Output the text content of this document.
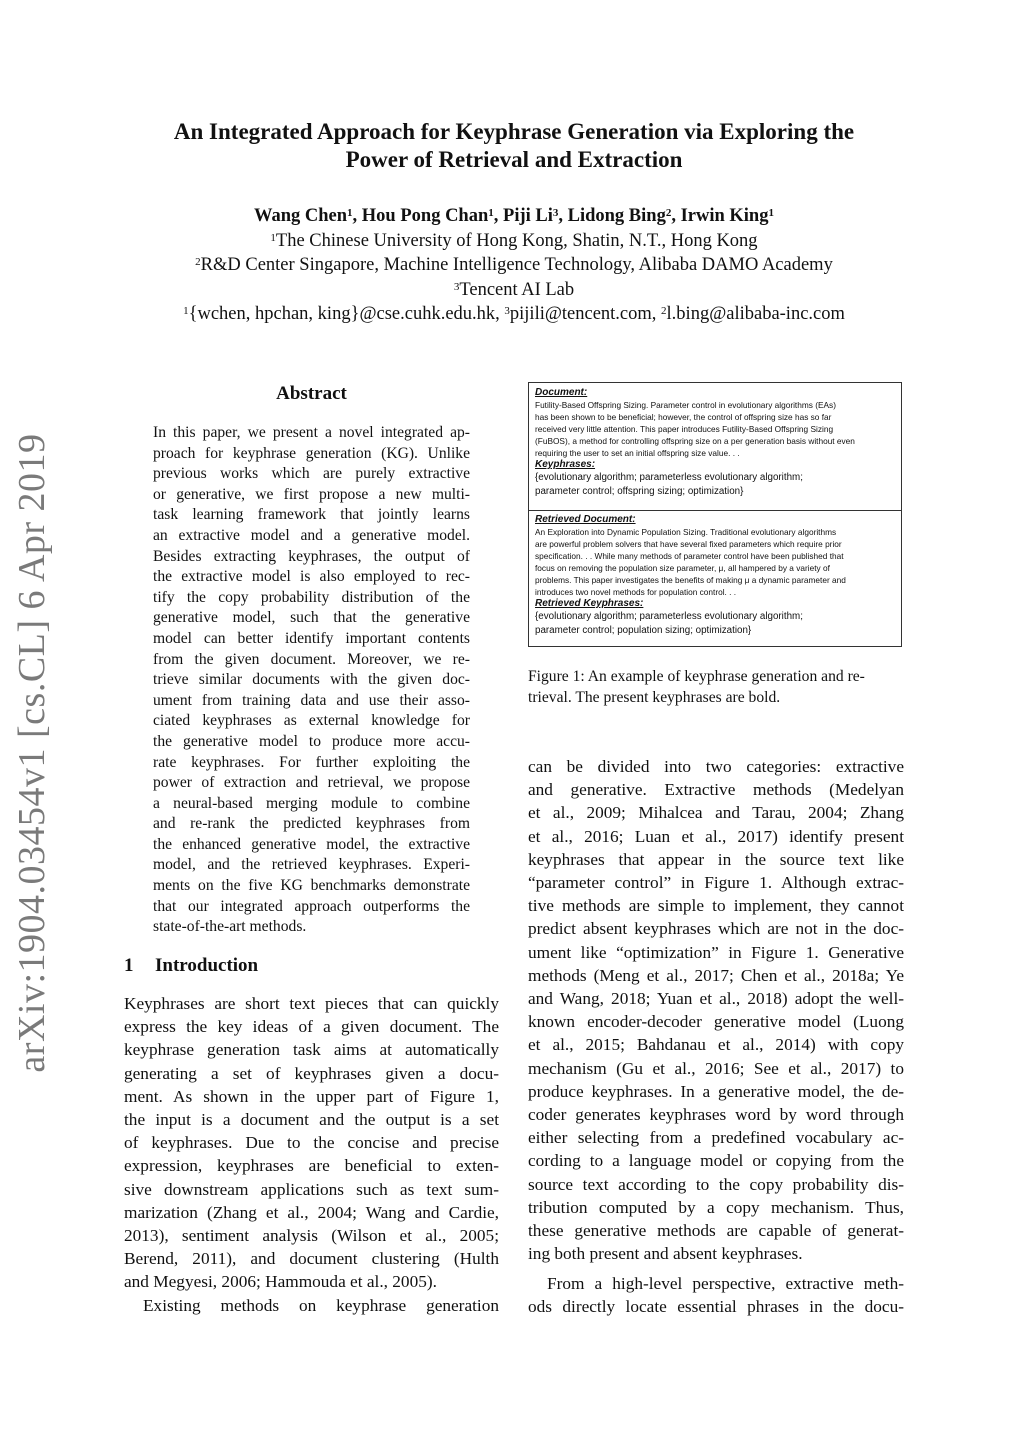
An Integrated Approach for Keyphrase Generation via Exploring the
Power of Retrieval and Extraction
Wang Chen$^1$, Hou Pong Chan$^1$, Piji Li$^3$, Lidong Bing$^2$, Irwin King$^1$
$^1$The Chinese University of Hong Kong, Shatin, N.T., Hong Kong
$^2$R&D Center Singapore, Machine Intelligence Technology, Alibaba DAMO Academy
$^3$Tencent AI Lab
$^1${wchen, hpchan, king}@cse.cuhk.edu.hk, $^3$pijili@tencent.com, $^2$l.bing@alibaba-inc.com
arXiv:1904.03454v1 [cs.CL] 6 Apr 2019
Abstract
In this paper, we present a novel integrated ap-
proach for keyphrase generation (KG). Unlike
previous works which are purely extractive
or generative, we first propose a new multi-
task learning framework that jointly learns
an extractive model and a generative model.
Besides extracting keyphrases, the output of
the extractive model is also employed to rec-
tify the copy probability distribution of the
generative model, such that the generative
model can better identify important contents
from the given document. Moreover, we re-
trieve similar documents with the given doc-
ument from training data and use their asso-
ciated keyphrases as external knowledge for
the generative model to produce more accu-
rate keyphrases. For further exploiting the
power of extraction and retrieval, we propose
a neural-based merging module to combine
and re-rank the predicted keyphrases from
the enhanced generative model, the extractive
model, and the retrieved keyphrases. Experi-
ments on the five KG benchmarks demonstrate
that our integrated approach outperforms the
state-of-the-art methods.
1 Introduction
Keyphrases are short text pieces that can quickly
express the key ideas of a given document. The
keyphrase generation task aims at automatically
generating a set of keyphrases given a docu-
ment. As shown in the upper part of Figure 1,
the input is a document and the output is a set
of keyphrases. Due to the concise and precise
expression, keyphrases are beneficial to exten-
sive downstream applications such as text sum-
marization (Zhang et al., 2004; Wang and Cardie,
2013), sentiment analysis (Wilson et al., 2005;
Berend, 2011), and document clustering (Hulth
and Megyesi, 2006; Hammouda et al., 2005).
Existing methods on keyphrase generation
can be divided into two categories: extractive
and generative. Extractive methods (Medelyan
et al., 2009; Mihalcea and Tarau, 2004; Zhang
et al., 2016; Luan et al., 2017) identify present
keyphrases that appear in the source text like
“parameter control” in Figure 1. Although extrac-
tive methods are simple to implement, they cannot
predict absent keyphrases which are not in the doc-
ument like “optimization” in Figure 1. Generative
methods (Meng et al., 2017; Chen et al., 2018a; Ye
and Wang, 2018; Yuan et al., 2018) adopt the well-
known encoder-decoder generative model (Luong
et al., 2015; Bahdanau et al., 2014) with copy
mechanism (Gu et al., 2016; See et al., 2017) to
produce keyphrases. In a generative model, the de-
coder generates keyphrases word by word through
either selecting from a predefined vocabulary ac-
cording to a language model or copying from the
source text according to the copy probability dis-
tribution computed by a copy mechanism. Thus,
these generative methods are capable of generat-
ing both present and absent keyphrases.
From a high-level perspective, extractive meth-
ods directly locate essential phrases in the docu-
Document:
Futility-Based Offspring Sizing. Parameter control in evolutionary algorithms (EAs)
has been shown to be beneficial; however, the control of offspring size has so far
received very little attention. This paper introduces Futility-Based Offspring Sizing
(FuBOS), a method for controlling offspring size on a per generation basis without even
requiring the user to set an initial offspring size value. . .
Keyphrases:
{evolutionary algorithm; parameterless evolutionary algorithm;
parameter control; offspring sizing; optimization}
Retrieved Document:
An Exploration into Dynamic Population Sizing. Traditional evolutionary algorithms
are powerful problem solvers that have several fixed parameters which require prior
specification. . . While many methods of parameter control have been published that
focus on removing the population size parameter, μ, all hampered by a variety of
problems. This paper investigates the benefits of making μ a dynamic parameter and
introduces two novel methods for population control. . .
Retrieved Keyphrases:
{evolutionary algorithm; parameterless evolutionary algorithm;
parameter control; population sizing; optimization}
Figure 1: An example of keyphrase generation and re-
trieval. The present keyphrases are bold.
